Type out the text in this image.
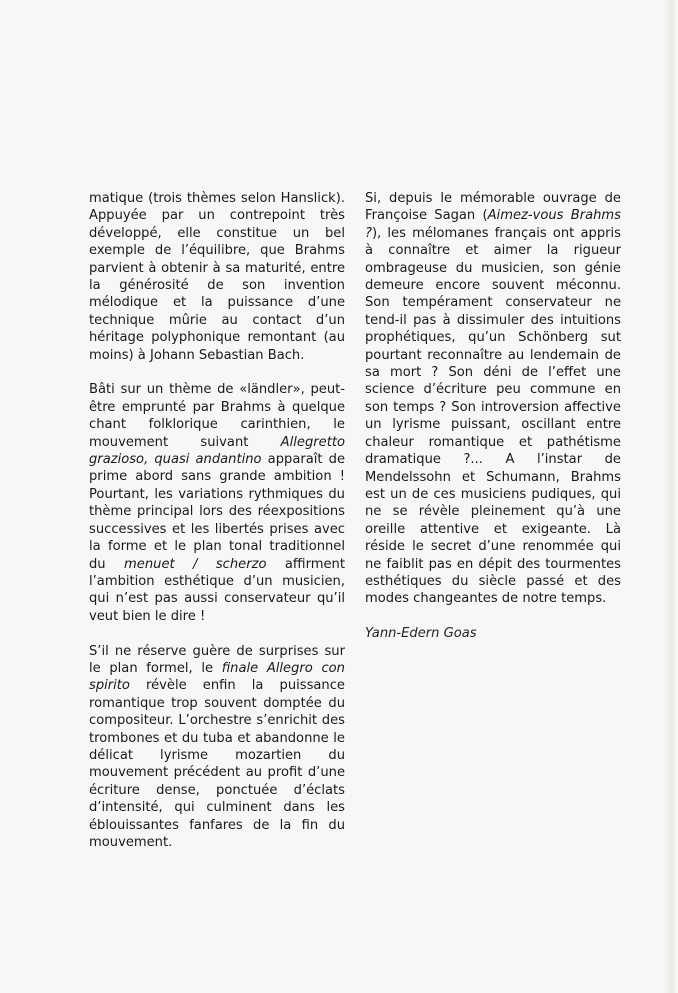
matique (trois thèmes selon Hanslick). Appuyée par un contrepoint très développé, elle constitue un bel exemple de l’équilibre, que Brahms parvient à obtenir à sa maturité, entre la générosité de son invention mélodique et la puissance d’une technique mûrie au contact d’un héritage polyphonique remontant (au moins) à Johann Sebastian Bach.

Bâti sur un thème de «ländler», peut-être emprunté par Brahms à quelque chant folklorique carinthien, le mouvement suivant Allegretto grazioso, quasi andantino apparaît de prime abord sans grande ambition ! Pourtant, les variations rythmiques du thème principal lors des réexpositions successives et les libertés prises avec la forme et le plan tonal traditionnel du menuet / scherzo affirment l’ambition esthétique d’un musicien, qui n’est pas aussi conservateur qu’il veut bien le dire !

S’il ne réserve guère de surprises sur le plan formel, le finale Allegro con spirito révèle enfin la puissance romantique trop souvent domptée du compositeur. L’orchestre s’enrichit des trombones et du tuba et abandonne le délicat lyrisme mozartien du mouvement précédent au profit d’une écriture dense, ponctuée d’éclats d’intensité, qui culminent dans les éblouissantes fanfares de la fin du mouvement.

Si, depuis le mémorable ouvrage de Françoise Sagan (Aimez-vous Brahms ?), les mélomanes français ont appris à connaître et aimer la rigueur ombrageuse du musicien, son génie demeure encore souvent méconnu. Son tempérament conservateur ne tend-il pas à dissimuler des intuitions prophétiques, qu’un Schönberg sut pourtant reconnaître au lendemain de sa mort ? Son déni de l’effet une science d’écriture peu commune en son temps ? Son introversion affective un lyrisme puissant, oscillant entre chaleur romantique et pathétisme dramatique ?... A l’instar de Mendelssohn et Schumann, Brahms est un de ces musiciens pudiques, qui ne se révèle pleinement qu’à une oreille attentive et exigeante. Là réside le secret d’une renommée qui ne faiblit pas en dépit des tourmentes esthétiques du siècle passé et des modes changeantes de notre temps.

Yann-Edern Goas
